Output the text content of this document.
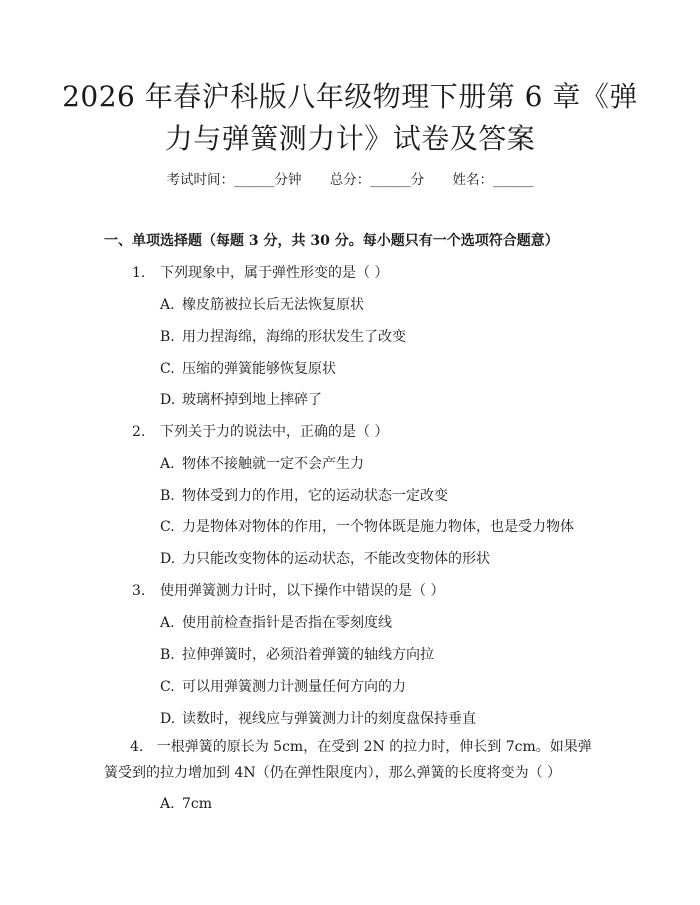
2026 年春沪科版八年级物理下册第 6 章《弹
力与弹簧测力计》试卷及答案
考试时间：______分钟 总分：______分 姓名：______
一、单项选择题（每题 3 分，共 30 分。每小题只有一个选项符合题意）
1. 下列现象中，属于弹性形变的是（ ）
A. 橡皮筋被拉长后无法恢复原状
B. 用力捏海绵，海绵的形状发生了改变
C. 压缩的弹簧能够恢复原状
D. 玻璃杯掉到地上摔碎了
2. 下列关于力的说法中，正确的是（ ）
A. 物体不接触就一定不会产生力
B. 物体受到力的作用，它的运动状态一定改变
C. 力是物体对物体的作用，一个物体既是施力物体，也是受力物体
D. 力只能改变物体的运动状态，不能改变物体的形状
3. 使用弹簧测力计时，以下操作中错误的是（ ）
A. 使用前检查指针是否指在零刻度线
B. 拉伸弹簧时，必须沿着弹簧的轴线方向拉
C. 可以用弹簧测力计测量任何方向的力
D. 读数时，视线应与弹簧测力计的刻度盘保持垂直
4. 一根弹簧的原长为 5cm，在受到 2N 的拉力时，伸长到 7cm。如果弹簧受到的拉力增加到 4N（仍在弹性限度内），那么弹簧的长度将变为（ ）
A. 7cm
